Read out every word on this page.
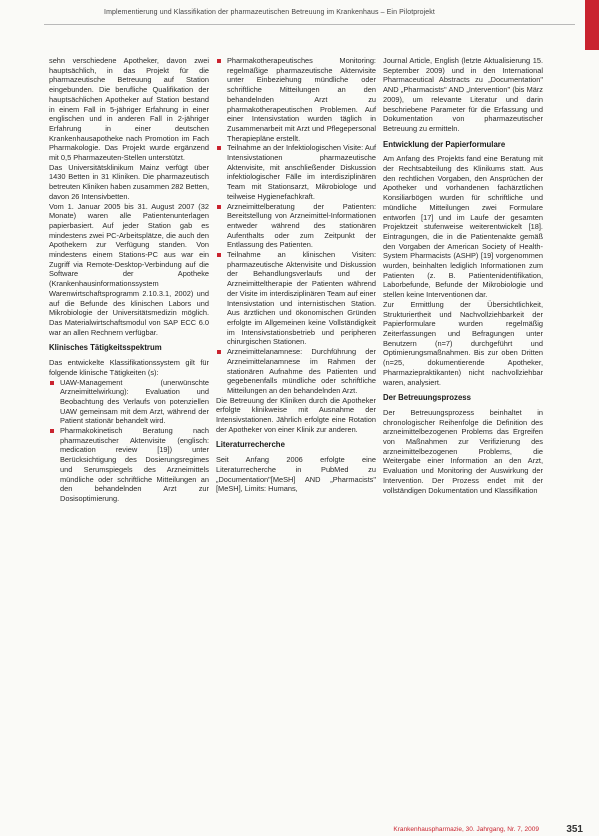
Implementierung und Klassifikation der pharmazeutischen Betreuung im Krankenhaus – Ein Pilotprojekt

sehn verschiedene Apotheker, davon zwei hauptsächlich, in das Projekt für die pharmazeutische Betreuung auf Station eingebunden. Die berufliche Qualifikation der hauptsächlichen Apotheker auf Station bestand in einem Fall in 5-jähriger Erfahrung in einer englischen und in anderen Fall in 2-jähriger Erfahrung in einer deutschen Krankenhausapotheke nach Promotion im Fach Pharmakologie. Das Projekt wurde ergänzend mit 0,5 Pharmazeuten-Stellen unterstützt.

Das Universitätsklinikum Mainz verfügt über 1430 Betten in 31 Kliniken. Die pharmazeutisch betreuten Kliniken haben zusammen 282 Betten, davon 26 Intensivbetten.

Vom 1. Januar 2005 bis 31. August 2007 (32 Monate) waren alle Patientenunterlagen papierbasiert. Auf jeder Station gab es mindestens zwei PC-Arbeitsplätze, die auch den Apothekern zur Verfügung standen. Von mindestens einem Stations-PC aus war ein Zugriff via Remote-Desktop-Verbindung auf die Software der Apotheke (Krankenhausinformationssystem Warenwirtschaftsprogramm 2.10.3.1, 2002) und auf die Befunde des klinischen Labors und Mikrobiologie der Universitätsmedizin möglich. Das Materialwirtschaftsmodul von SAP ECC 6.0 war an allen Rechnern verfügbar.

Klinisches Tätigkeitsspektrum

Das entwickelte Klassifikationssystem gilt für folgende klinische Tätigkeiten (s):

UAW-Management (unerwünschte Arzneimittelwirkung): Evaluation und Beobachtung des Verlaufs von potenziellen UAW gemeinsam mit dem Arzt, während der Patient stationär behandelt wird.
Pharmakokinetisch Beratung nach pharmazeutischer Aktenvisite (englisch: medication review [19]) unter Berücksichtigung des Dosierungsregimes und Serumspiegels des Arzneimittels mündliche oder schriftliche Mitteilungen an den behandelnden Arzt zur Dosisoptimierung.
Pharmakotherapeutisches Monitoring: regelmäßige pharmazeutische Aktenvisite unter Einbeziehung mündliche oder schriftliche Mitteilungen an den behandelnden Arzt zu pharmakotherapeutischen Problemen. Auf einer Intensivstation wurden täglich in Zusammenarbeit mit Arzt und Pflegepersonal Therapiepläne erstellt.
Teilnahme an der Infektiologischen Visite: Auf Intensivstationen pharmazeutische Aktenvisite, mit anschließender Diskussion infektiologischer Fälle im interdisziplinären Team mit Stationsarzt, Mikrobiologe und teilweise Hygienefachkraft.
Arzneimittelberatung der Patienten: Bereitstellung von Arzneimittel-Informationen entweder während des stationären Aufenthalts oder zum Zeitpunkt der Entlassung des Patienten.
Teilnahme an klinischen Visiten: pharmazeutische Aktenvisite und Diskussion der Behandlungsverlaufs und der Arzneimitteltherapie der Patienten während der Visite im interdisziplinären Team auf einer Intensivstation und internistischen Station. Aus ärztlichen und ökonomischen Gründen erfolgte im Allgemeinen keine Vollständigkeit im Intensivstationsbetrieb und peripheren chirurgischen Stationen.
Arzneimittelanamnese: Durchführung der Arzneimittelanamnese im Rahmen der stationären Aufnahme des Patienten und gegebenenfalls mündliche oder schriftliche Mitteilungen an den behandelnden Arzt.

Die Betreuung der Kliniken durch die Apotheker erfolgte klinikweise mit Ausnahme der Intensivstationen. Jährlich erfolgte eine Rotation der Apotheker von einer Klinik zur anderen.

Literaturrecherche

Seit Anfang 2006 erfolgte eine Literaturrecherche in PubMed zu „Documentation"[MeSH] AND „Pharmacists"[MeSH], Limits: Humans,

Journal Article, English (letzte Aktualisierung 15. September 2009) und in den International Pharmaceutical Abstracts zu „Documentation" AND „Pharmacists" AND „Intervention" (bis März 2009), um relevante Literatur und darin beschriebene Parameter für die Erfassung und Dokumentation von pharmazeutischer Betreuung zu ermitteln.

Entwicklung der Papierformulare

Am Anfang des Projekts fand eine Beratung mit der Rechtsabteilung des Klinikums statt. Aus den rechtlichen Vorgaben, den Ansprüchen der Apotheker und vorhandenen fachärztlichen Konsiliarbögen wurden für schriftliche und mündliche Mitteilungen zwei Formulare entworfen [17] und im Laufe der gesamten Projektzeit stufenweise weiterentwickelt [18]. Eintragungen, die in die Patientenakte gemäß den Vorgaben der American Society of Health-System Pharmacists (ASHP) [19] vorgenommen wurden, beinhalten lediglich Informationen zum Patienten (z. B. Patientenidentifikation, Laborbefunde, Befunde der Mikrobiologie und stellen keine Interventionen dar.

Zur Ermittlung der Übersichtlichkeit, Strukturiertheit und Nachvollziehbarkeit der Papierformulare wurden regelmäßig Zeiterfassungen und Befragungen unter Benutzern (n=7) durchgeführt und Optimierungsmaßnahmen. Bis zur oben Dritten (n=25, dokumentierende Apotheker, Pharmaziepraktikanten) nicht nachvollziehbar waren, analysiert.

Der Betreuungsprozess

Der Betreuungsprozess beinhaltet in chronologischer Reihenfolge die Definition des arzneimittelbezogenen Problems das Ergreifen von Maßnahmen zur Verifizierung des arzneimittelbezogenen Problems, die Weitergabe einer Information an den Arzt, Evaluation und Monitoring der Auswirkung der Intervention. Der Prozess endet mit der vollständigen Dokumentation und Klassifikation

Krankenhauspharmazie, 30. Jahrgang, Nr. 7, 2009	351
